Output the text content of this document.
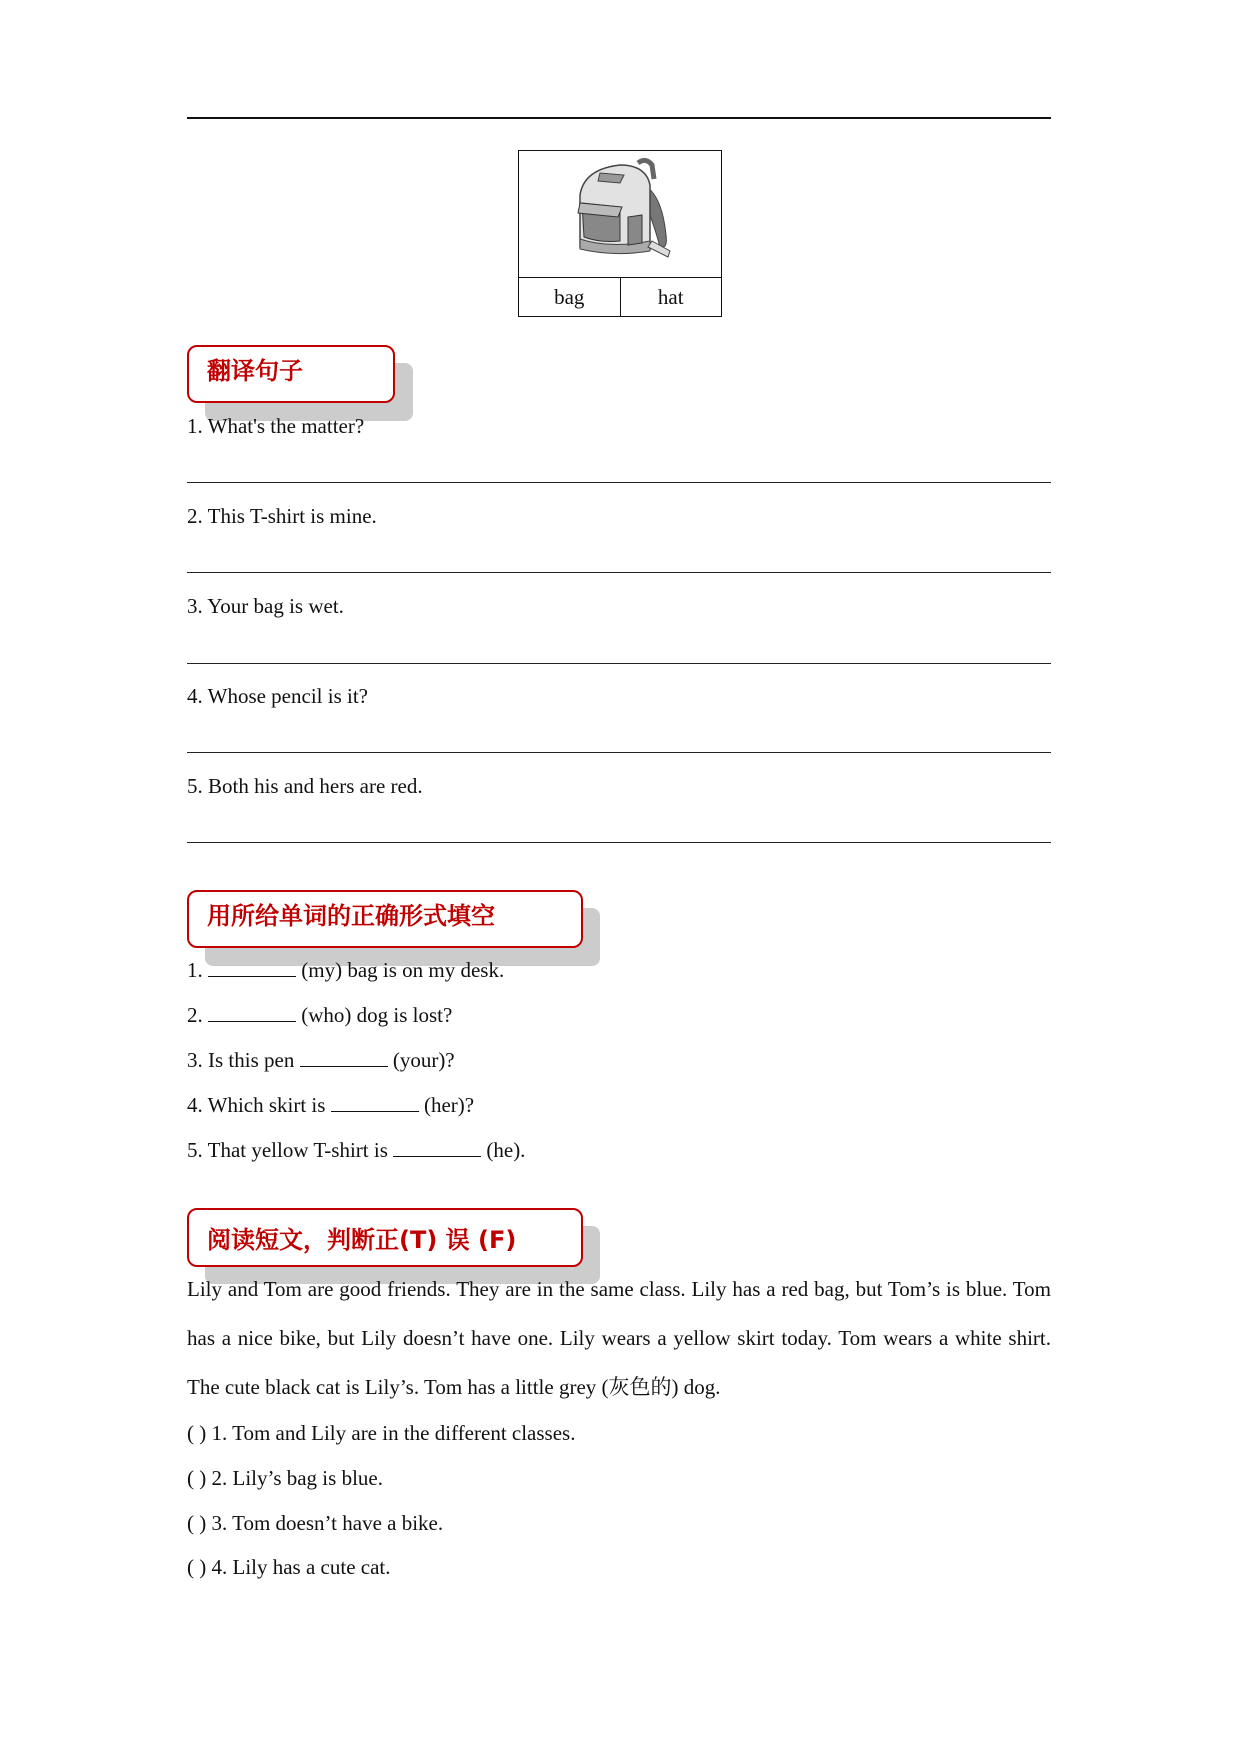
bag	hat
翻译句子
1. What's the matter?
2. This T-shirt is mine.
3. Your bag is wet.
4. Whose pencil is it?
5. Both his and hers are red.
用所给单词的正确形式填空
1.	(my) bag is on my desk.
2.	(who) dog is lost?
3. Is this pen	(your)?
4. Which skirt is	(her)?
5. That yellow T-shirt is	(he).
阅读短文，判断正(T) 误 (F)
Lily and Tom are good friends. They are in the same class. Lily has a red bag, but Tom’s is blue. Tom has a nice bike, but Lily doesn’t have one. Lily wears a yellow skirt today. Tom wears a white shirt. The cute black cat is Lily’s. Tom has a little grey (灰色的) dog.
( ) 1. Tom and Lily are in the different classes.
( ) 2. Lily’s bag is blue.
( ) 3. Tom doesn’t have a bike.
( ) 4. Lily has a cute cat.
